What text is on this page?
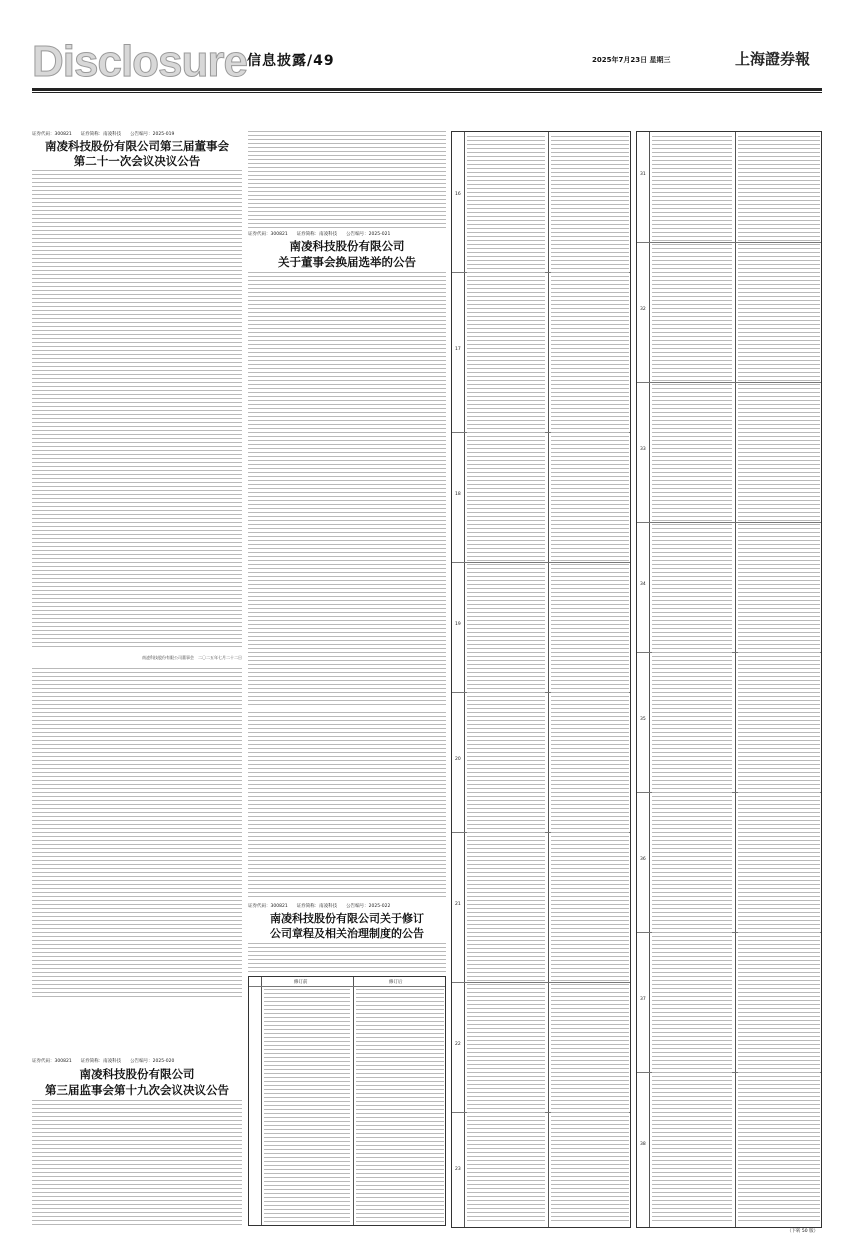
Disclosure 信息披露/49	2025年7月23日 星期三	上海證券報
证券代码：300821　　证券简称：南凌科技　　公告编号：2025-019
南凌科技股份有限公司第三届董事会
第二十一次会议决议公告
南凌科技股份有限公司董事会　二〇二五年七月二十二日
证券代码：300821　　证券简称：南凌科技　　公告编号：2025-020
南凌科技股份有限公司
第三届监事会第十九次会议决议公告
证券代码：300821　　证券简称：南凌科技　　公告编号：2025-021
南凌科技股份有限公司
关于董事会换届选举的公告
证券代码：300821　　证券简称：南凌科技　　公告编号：2025-022
南凌科技股份有限公司关于修订
公司章程及相关治理制度的公告
修订前	修订后
16
17
18
19
20
21
22
23
31
32
33
34
35
36
37
38
（下转 50 版）
